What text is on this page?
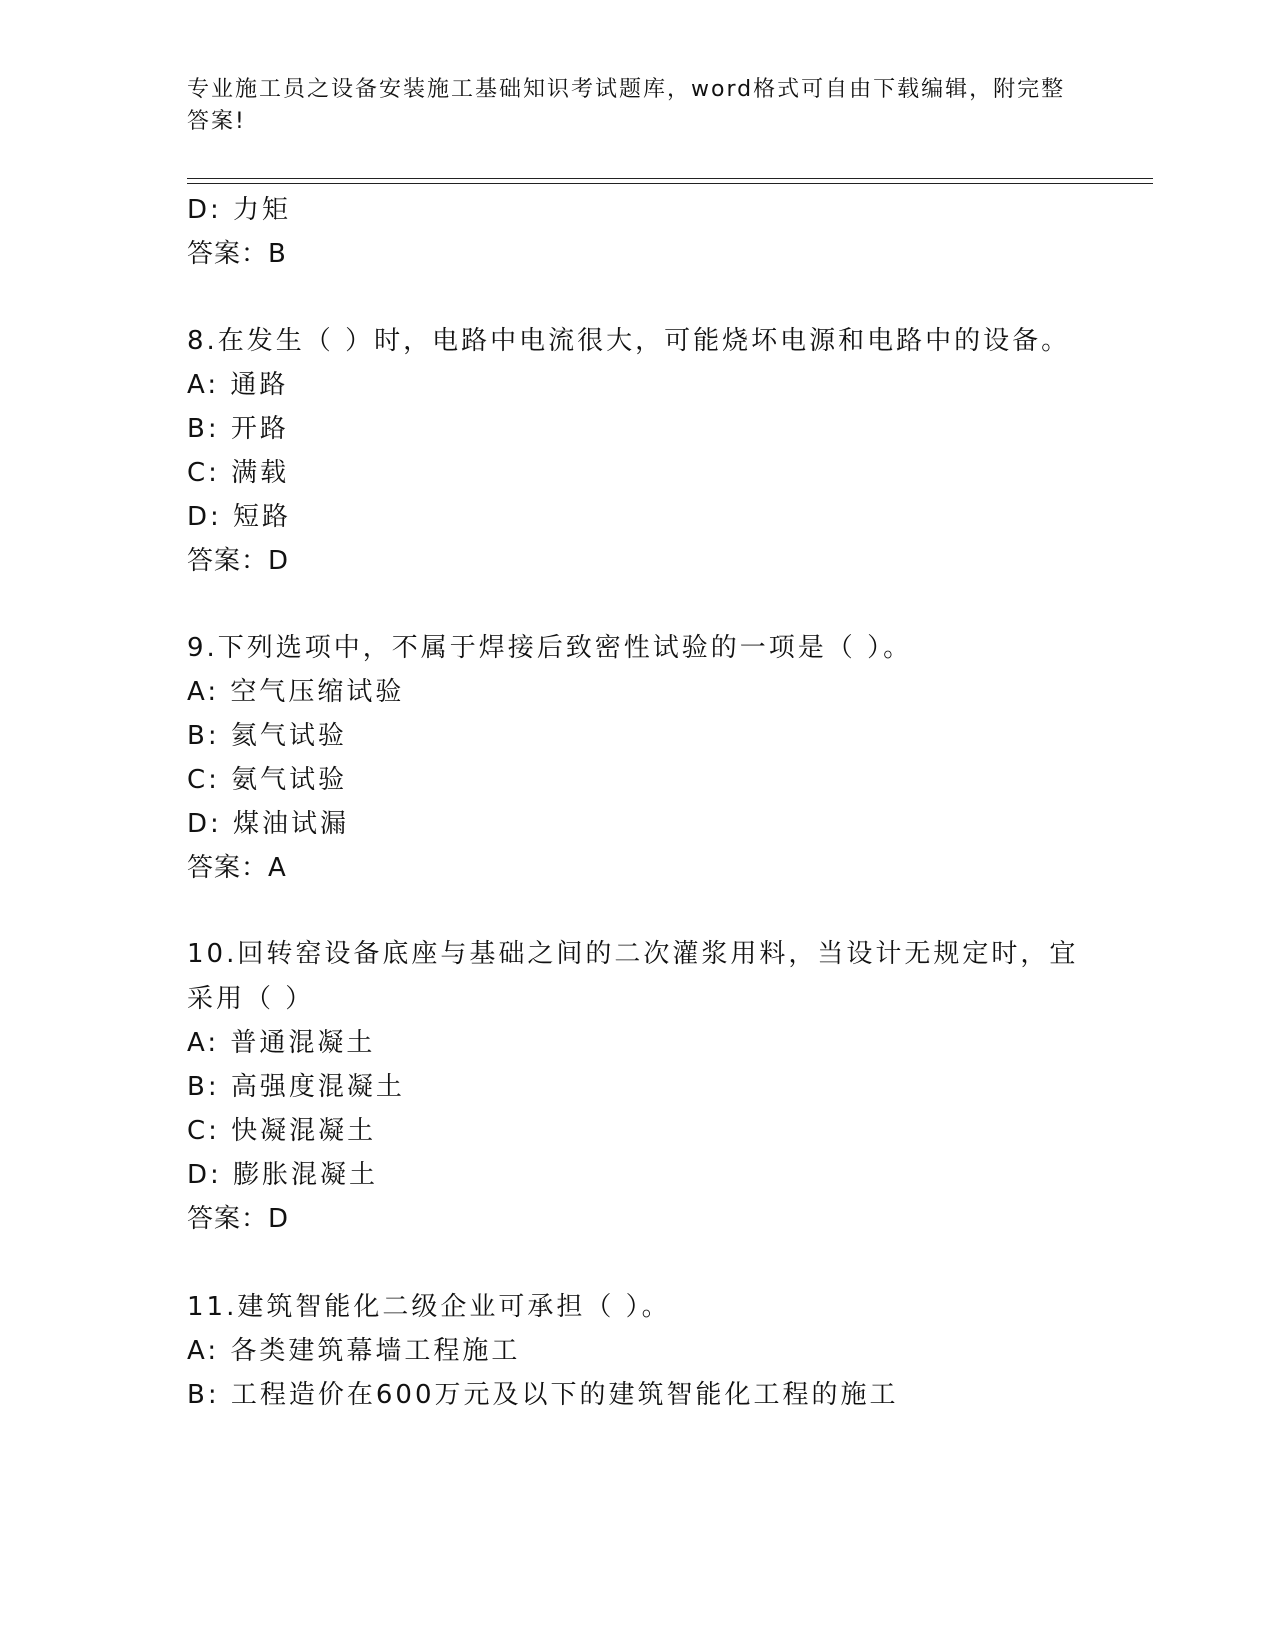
专业施工员之设备安装施工基础知识考试题库，word格式可自由下载编辑，附完整答案!
D: 力矩
答案：B
8.在发生（ ）时，电路中电流很大，可能烧坏电源和电路中的设备。
A: 通路
B: 开路
C: 满载
D: 短路
答案：D
9.下列选项中，不属于焊接后致密性试验的一项是（ ）。
A: 空气压缩试验
B: 氦气试验
C: 氨气试验
D: 煤油试漏
答案：A
10.回转窑设备底座与基础之间的二次灌浆用料，当设计无规定时，宜采用（ ）
A: 普通混凝土
B: 高强度混凝土
C: 快凝混凝土
D: 膨胀混凝土
答案：D
11.建筑智能化二级企业可承担（ ）。
A: 各类建筑幕墙工程施工
B: 工程造价在600万元及以下的建筑智能化工程的施工
